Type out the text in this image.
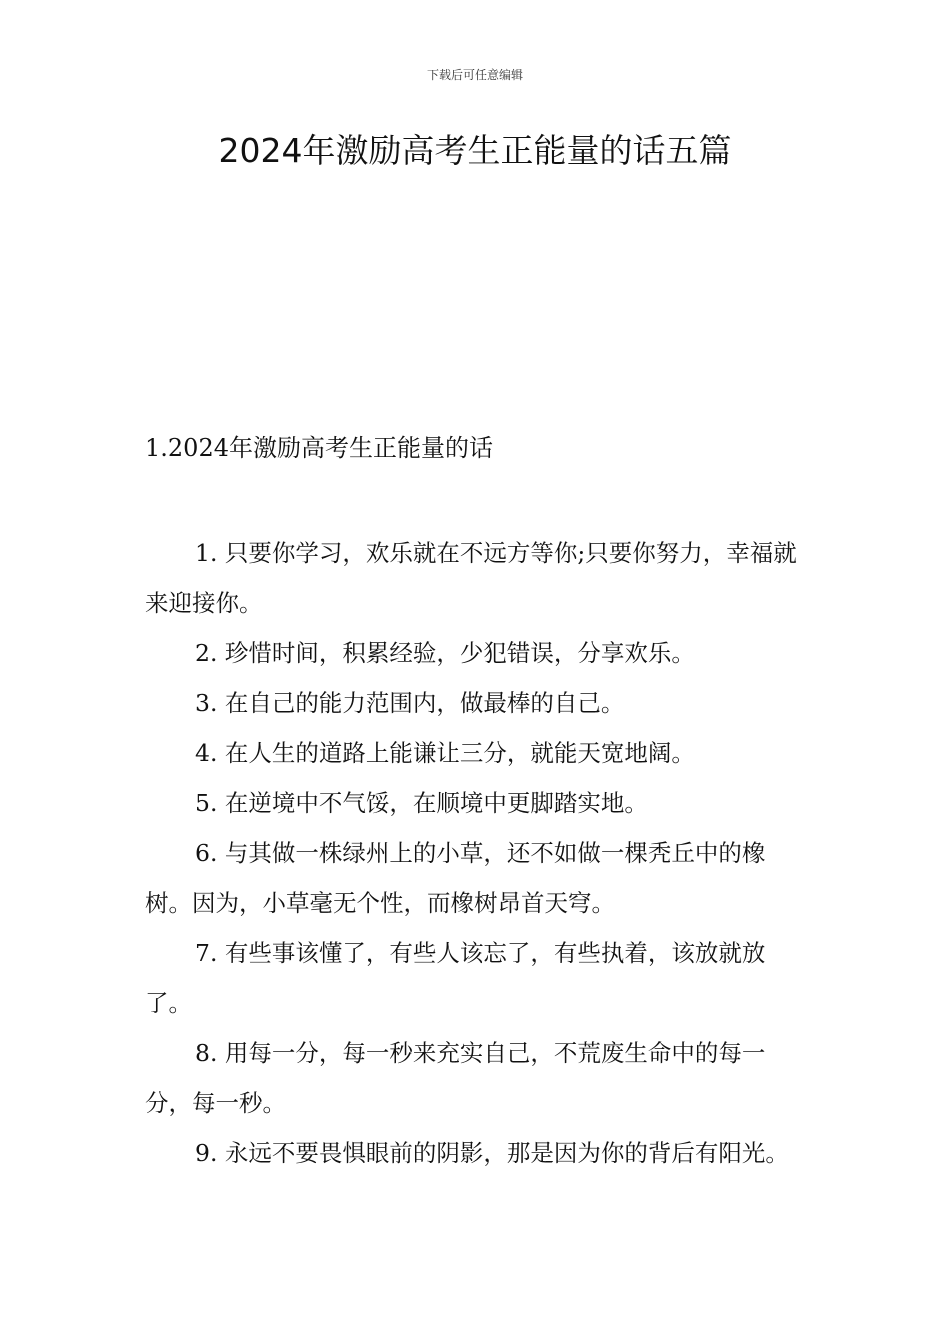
下载后可任意编辑
2024年激励高考生正能量的话五篇
1.2024年激励高考生正能量的话

1. 只要你学习，欢乐就在不远方等你;只要你努力，幸福就来迎接你。

2. 珍惜时间，积累经验，少犯错误，分享欢乐。

3. 在自己的能力范围内，做最棒的自己。

4. 在人生的道路上能谦让三分，就能天宽地阔。

5. 在逆境中不气馁，在顺境中更脚踏实地。

6. 与其做一株绿州上的小草，还不如做一棵秃丘中的橡树。因为，小草毫无个性，而橡树昂首天穹。

7. 有些事该懂了，有些人该忘了，有些执着，该放就放了。

8. 用每一分，每一秒来充实自己，不荒废生命中的每一分，每一秒。

9. 永远不要畏惧眼前的阴影，那是因为你的背后有阳光。
